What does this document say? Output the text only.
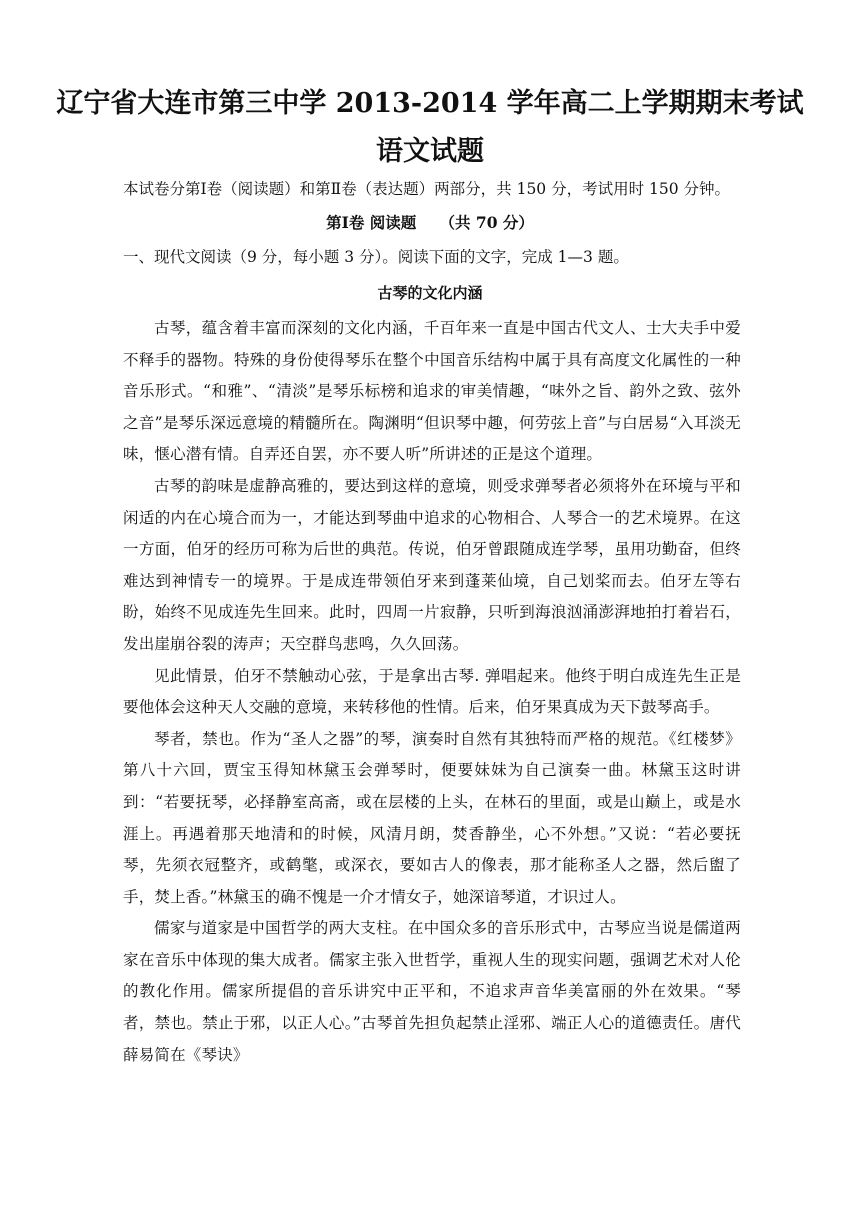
辽宁省大连市第三中学 2013-2014 学年高二上学期期末考试
语文试题

本试卷分第Ⅰ卷（阅读题）和第Ⅱ卷（表达题）两部分，共 150 分，考试用时 150 分钟。

第Ⅰ卷 阅读题　　（共 70 分）

一、现代文阅读（9 分，每小题 3 分）。阅读下面的文字，完成 1—3 题。

古琴的文化内涵

古琴，蕴含着丰富而深刻的文化内涵，千百年来一直是中国古代文人、士大夫手中爱不释手的器物。特殊的身份使得琴乐在整个中国音乐结构中属于具有高度文化属性的一种音乐形式。“和雅”、“清淡”是琴乐标榜和追求的审美情趣，“味外之旨、韵外之致、弦外之音”是琴乐深远意境的精髓所在。陶渊明“但识琴中趣，何劳弦上音”与白居易“入耳淡无味，惬心潜有情。自弄还自罢，亦不要人听”所讲述的正是这个道理。

古琴的韵味是虚静高雅的，要达到这样的意境，则受求弹琴者必须将外在环境与平和闲适的内在心境合而为一，才能达到琴曲中追求的心物相合、人琴合一的艺术境界。在这一方面，伯牙的经历可称为后世的典范。传说，伯牙曾跟随成连学琴，虽用功勤奋，但终难达到神情专一的境界。于是成连带领伯牙来到蓬莱仙境，自己划桨而去。伯牙左等右盼，始终不见成连先生回来。此时，四周一片寂静，只听到海浪汹涌澎湃地拍打着岩石，发出崖崩谷裂的涛声；天空群鸟悲鸣，久久回荡。

见此情景，伯牙不禁触动心弦，于是拿出古琴. 弹唱起来。他终于明白成连先生正是要他体会这种天人交融的意境，来转移他的性情。后来，伯牙果真成为天下鼓琴高手。

琴者，禁也。作为“圣人之器”的琴，演奏时自然有其独特而严格的规范。《红楼梦》第八十六回，贾宝玉得知林黛玉会弹琴时，便要妹妹为自己演奏一曲。林黛玉这时讲到：“若要抚琴，必择静室高斋，或在层楼的上头，在林石的里面，或是山巅上，或是水涯上。再遇着那天地清和的时候，风清月朗，焚香静坐，心不外想。”又说：“若必要抚琴，先须衣冠整齐，或鹤氅，或深衣，要如古人的像表，那才能称圣人之器，然后盥了手，焚上香。”林黛玉的确不愧是一介才情女子，她深谙琴道，才识过人。

儒家与道家是中国哲学的两大支柱。在中国众多的音乐形式中，古琴应当说是儒道两家在音乐中体现的集大成者。儒家主张入世哲学，重视人生的现实问题，强调艺术对人伦的教化作用。儒家所提倡的音乐讲究中正平和，不追求声音华美富丽的外在效果。“琴者，禁也。禁止于邪，以正人心。”古琴首先担负起禁止淫邪、端正人心的道德责任。唐代薛易简在《琴诀》
